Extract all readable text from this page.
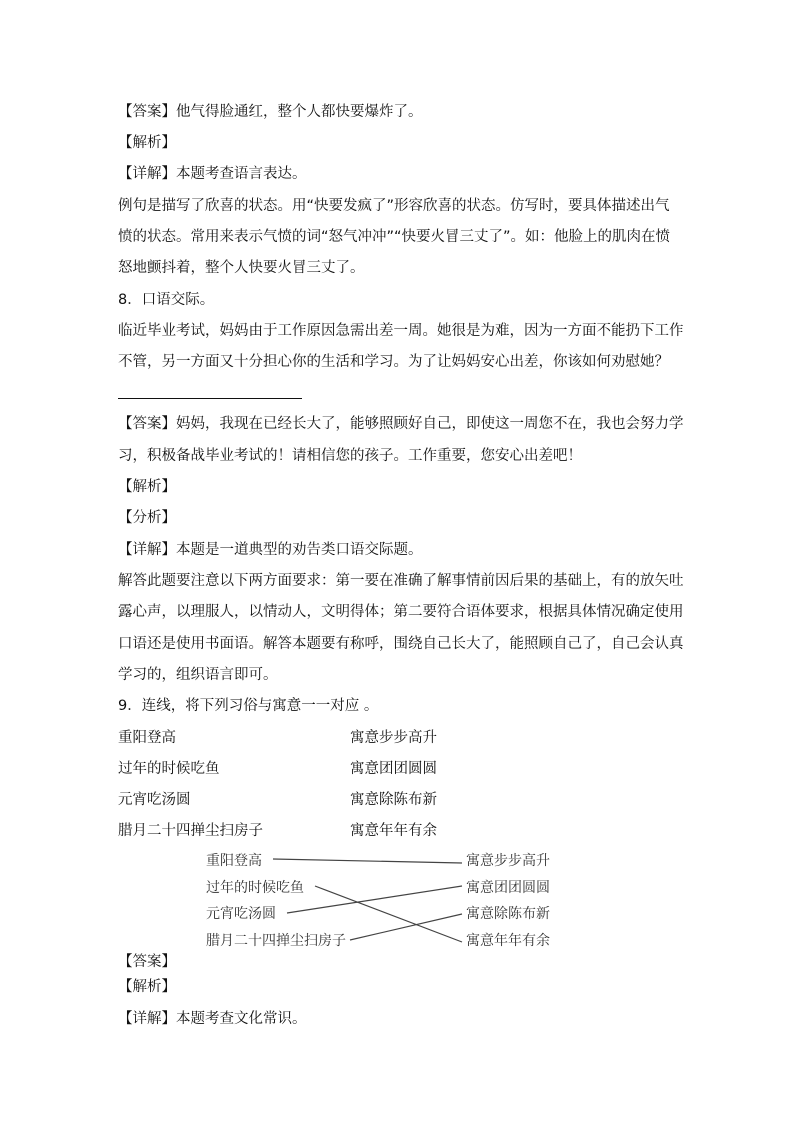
【答案】他气得脸通红，整个人都快要爆炸了。
【解析】
【详解】本题考查语言表达。
例句是描写了欣喜的状态。用“快要发疯了”形容欣喜的状态。仿写时，要具体描述出气
愤的状态。常用来表示气愤的词“怒气冲冲”“快要火冒三丈了”。如：他脸上的肌肉在愤
怒地颤抖着，整个人快要火冒三丈了。
8．口语交际。
临近毕业考试，妈妈由于工作原因急需出差一周。她很是为难，因为一方面不能扔下工作
不管，另一方面又十分担心你的生活和学习。为了让妈妈安心出差，你该如何劝慰她？
【答案】妈妈，我现在已经长大了，能够照顾好自己，即使这一周您不在，我也会努力学
习，积极备战毕业考试的！请相信您的孩子。工作重要，您安心出差吧！
【解析】
【分析】
【详解】本题是一道典型的劝告类口语交际题。
解答此题要注意以下两方面要求：第一要在准确了解事情前因后果的基础上，有的放矢吐
露心声，以理服人，以情动人，文明得体；第二要符合语体要求，根据具体情况确定使用
口语还是使用书面语。解答本题要有称呼，围绕自己长大了，能照顾自己了，自己会认真
学习的，组织语言即可。
9．连线，将下列习俗与寓意一一对应 。
重阳登高	寓意步步高升
过年的时候吃鱼	寓意团团圆圆
元宵吃汤圆	寓意除陈布新
腊月二十四掸尘扫房子	寓意年年有余
重阳登高
过年的时候吃鱼
元宵吃汤圆
腊月二十四掸尘扫房子
寓意步步高升
寓意团团圆圆
寓意除陈布新
寓意年年有余
【答案】
【解析】
【详解】本题考查文化常识。
